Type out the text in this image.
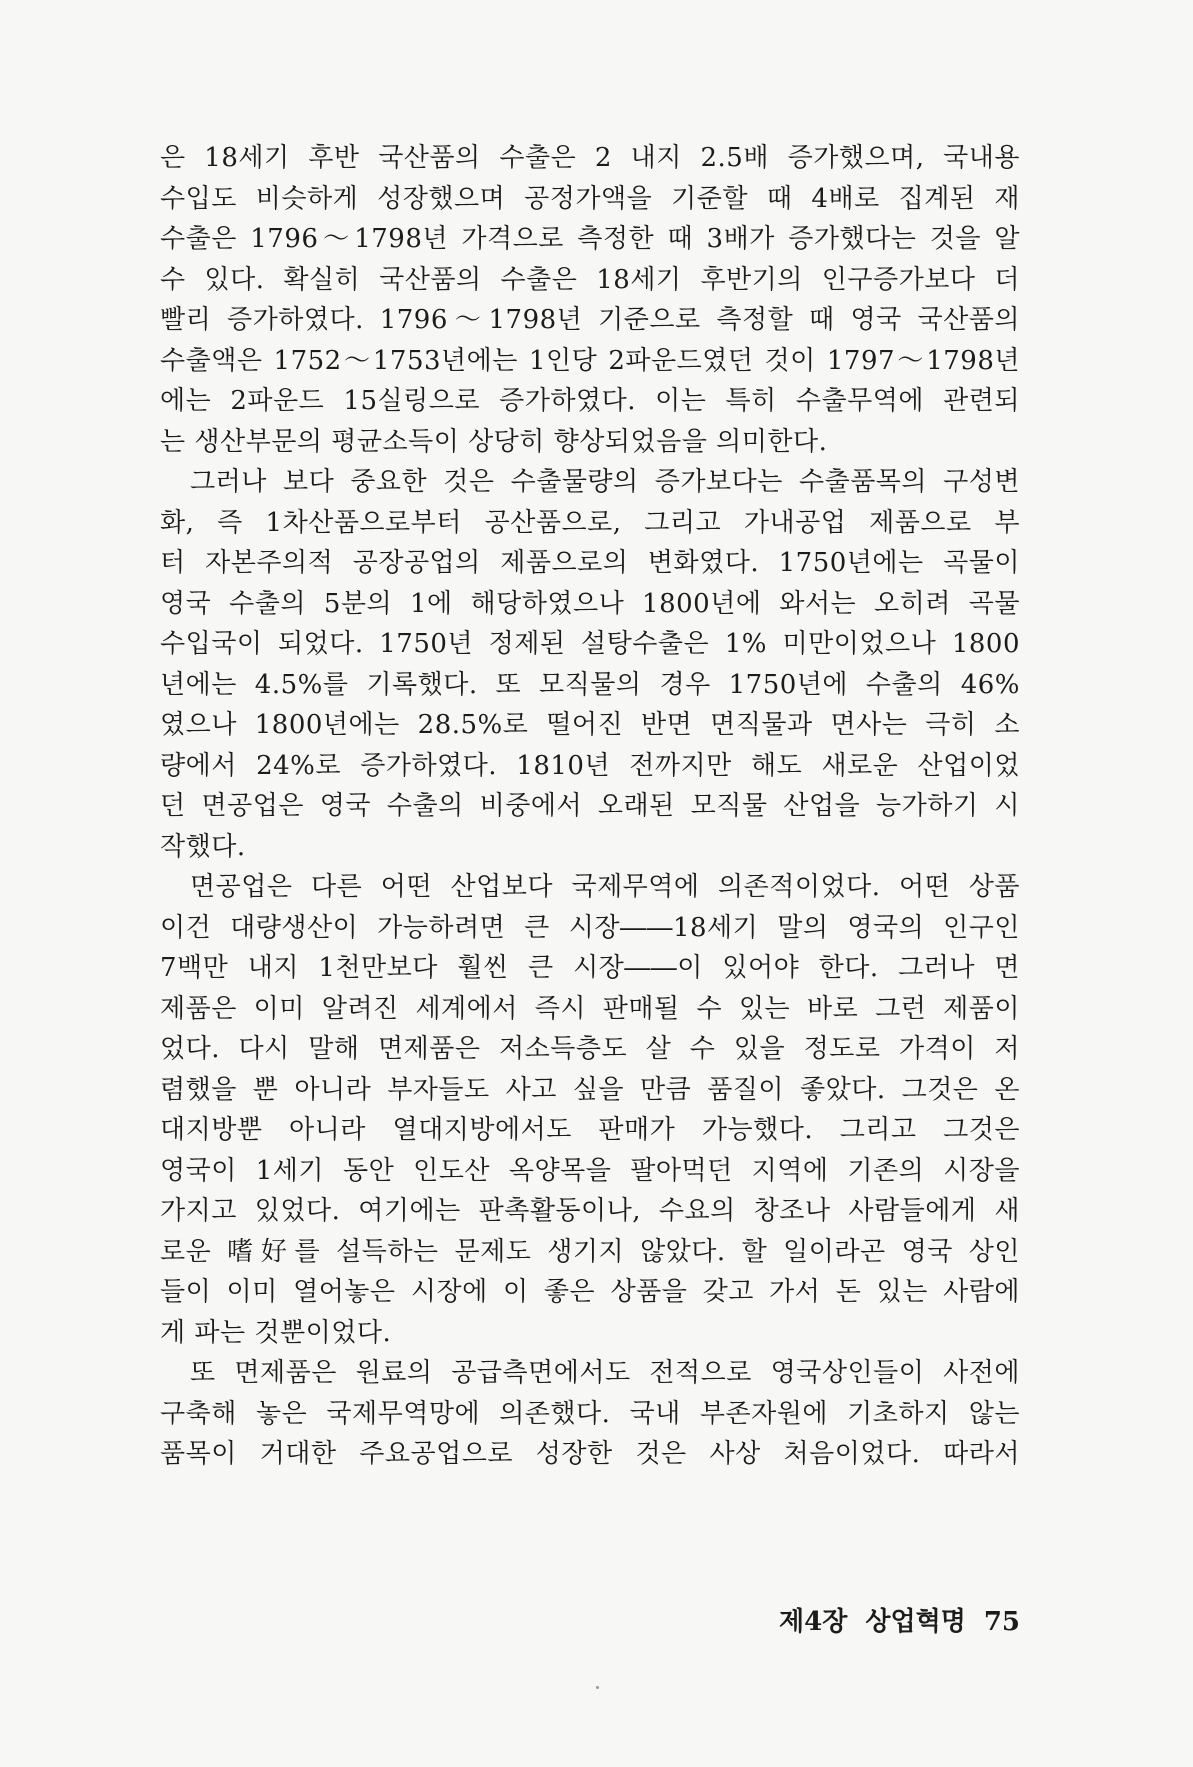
은 18세기 후반 국산품의 수출은 2 내지 2.5배 증가했으며, 국내용
수입도 비슷하게 성장했으며 공정가액을 기준할 때 4배로 집계된 재
수출은 1796～1798년 가격으로 측정한 때 3배가 증가했다는 것을 알
수 있다. 확실히 국산품의 수출은 18세기 후반기의 인구증가보다 더
빨리 증가하였다. 1796～1798년 기준으로 측정할 때 영국 국산품의
수출액은 1752～1753년에는 1인당 2파운드였던 것이 1797～1798년
에는 2파운드 15실링으로 증가하였다. 이는 특히 수출무역에 관련되
는 생산부문의 평균소득이 상당히 향상되었음을 의미한다.
그러나 보다 중요한 것은 수출물량의 증가보다는 수출품목의 구성변
화, 즉 1차산품으로부터 공산품으로, 그리고 가내공업 제품으로 부
터 자본주의적 공장공업의 제품으로의 변화였다. 1750년에는 곡물이
영국 수출의 5분의 1에 해당하였으나 1800년에 와서는 오히려 곡물
수입국이 되었다. 1750년 정제된 설탕수출은 1% 미만이었으나 1800
년에는 4.5%를 기록했다. 또 모직물의 경우 1750년에 수출의 46%
였으나 1800년에는 28.5%로 떨어진 반면 면직물과 면사는 극히 소
량에서 24%로 증가하였다. 1810년 전까지만 해도 새로운 산업이었
던 면공업은 영국 수출의 비중에서 오래된 모직물 산업을 능가하기 시
작했다.
면공업은 다른 어떤 산업보다 국제무역에 의존적이었다. 어떤 상품
이건 대량생산이 가능하려면 큰 시장――18세기 말의 영국의 인구인
7백만 내지 1천만보다 훨씬 큰 시장――이 있어야 한다. 그러나 면
제품은 이미 알려진 세계에서 즉시 판매될 수 있는 바로 그런 제품이
었다. 다시 말해 면제품은 저소득층도 살 수 있을 정도로 가격이 저
렴했을 뿐 아니라 부자들도 사고 싶을 만큼 품질이 좋았다. 그것은 온
대지방뿐 아니라 열대지방에서도 판매가 가능했다. 그리고 그것은
영국이 1세기 동안 인도산 옥양목을 팔아먹던 지역에 기존의 시장을
가지고 있었다. 여기에는 판촉활동이나, 수요의 창조나 사람들에게 새
로운 嗜好를 설득하는 문제도 생기지 않았다. 할 일이라곤 영국 상인
들이 이미 열어놓은 시장에 이 좋은 상품을 갖고 가서 돈 있는 사람에
게 파는 것뿐이었다.
또 면제품은 원료의 공급측면에서도 전적으로 영국상인들이 사전에
구축해 놓은 국제무역망에 의존했다. 국내 부존자원에 기초하지 않는
품목이 거대한 주요공업으로 성장한 것은 사상 처음이었다. 따라서
제4장 상업혁명 75
